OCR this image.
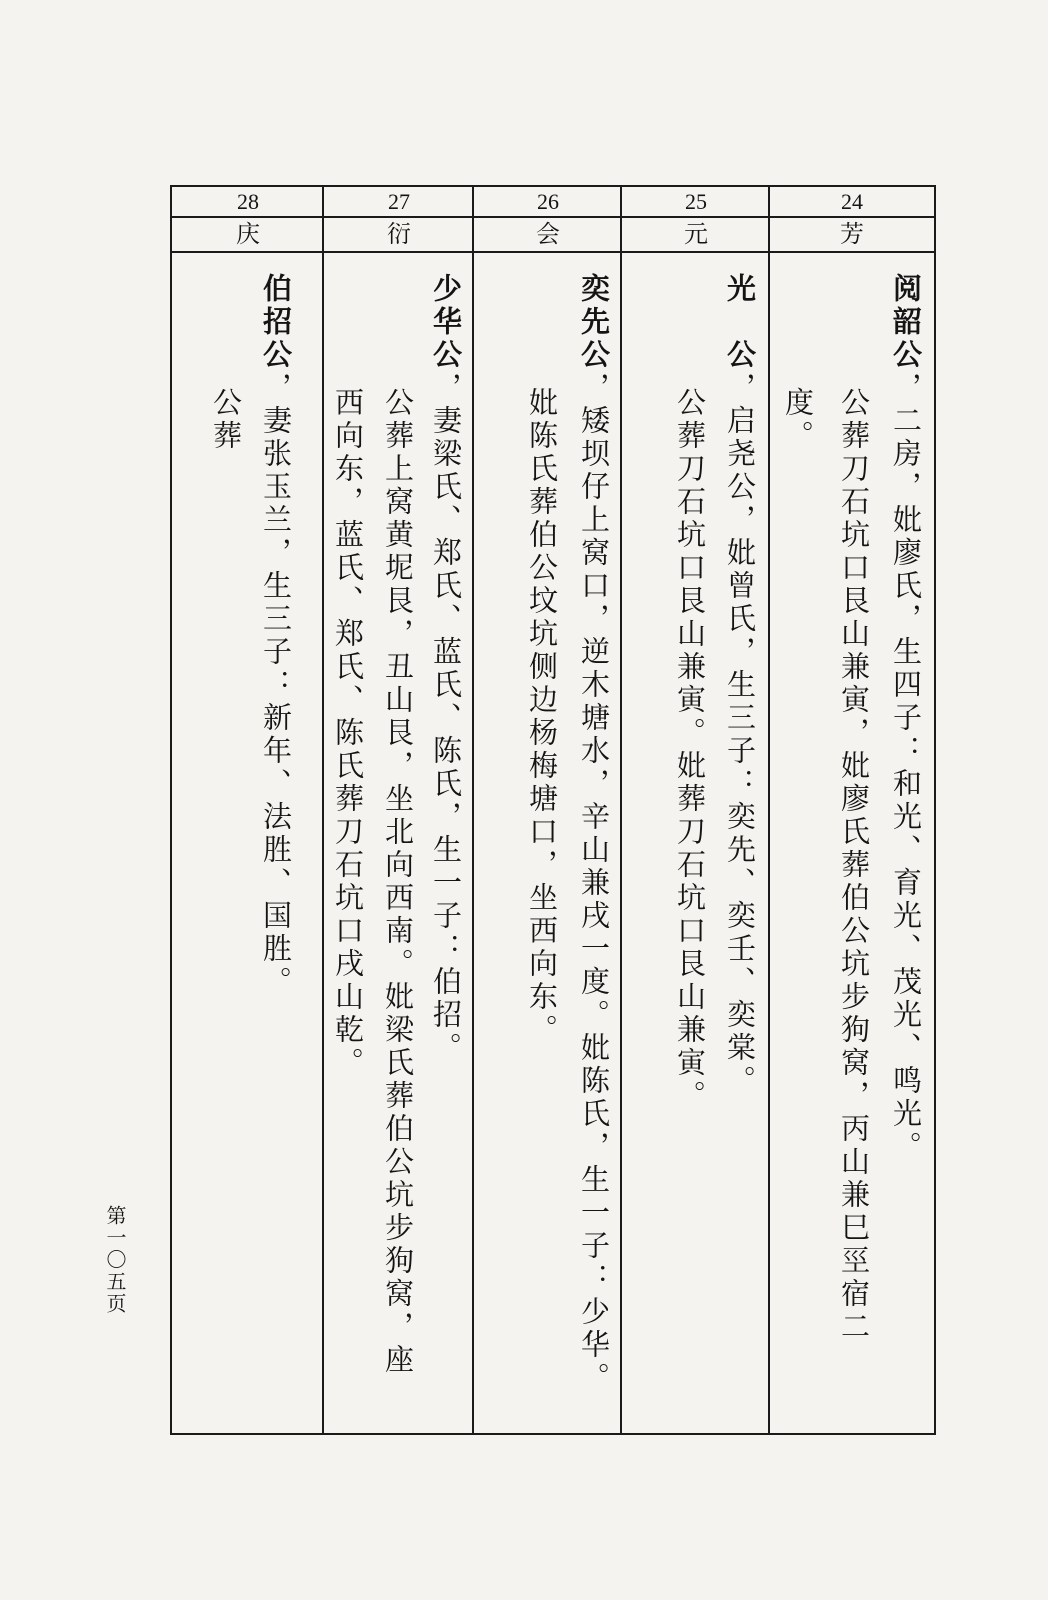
24
芳
阅韶公，二房，妣廖氏，生四子：和光、育光、茂光、鸣光。
公葬刀石坑口艮山兼寅，妣廖氏葬伯公坑步狗窝，丙山兼巳巠宿二
度。
25
元
光　公，启尧公，妣曾氏，生三子：奕先、奕壬、奕棠。
公葬刀石坑口艮山兼寅。妣葬刀石坑口艮山兼寅。
26
会
奕先公，矮坝仔上窝口，逆木塘水，辛山兼戌一度。妣陈氏，生一子：少华。
妣陈氏葬伯公坟坑侧边杨梅塘口，坐西向东。
27
衍
少华公，妻梁氏、郑氏、蓝氏、陈氏，生一子：伯招。
公葬上窝黄坭艮，丑山艮，坐北向西南。妣梁氏葬伯公坑步狗窝，座
西向东，蓝氏、郑氏、陈氏葬刀石坑口戌山乾。
28
庆
伯招公，妻张玉兰，生三子：新年、法胜、国胜。
公葬
第一〇五页
